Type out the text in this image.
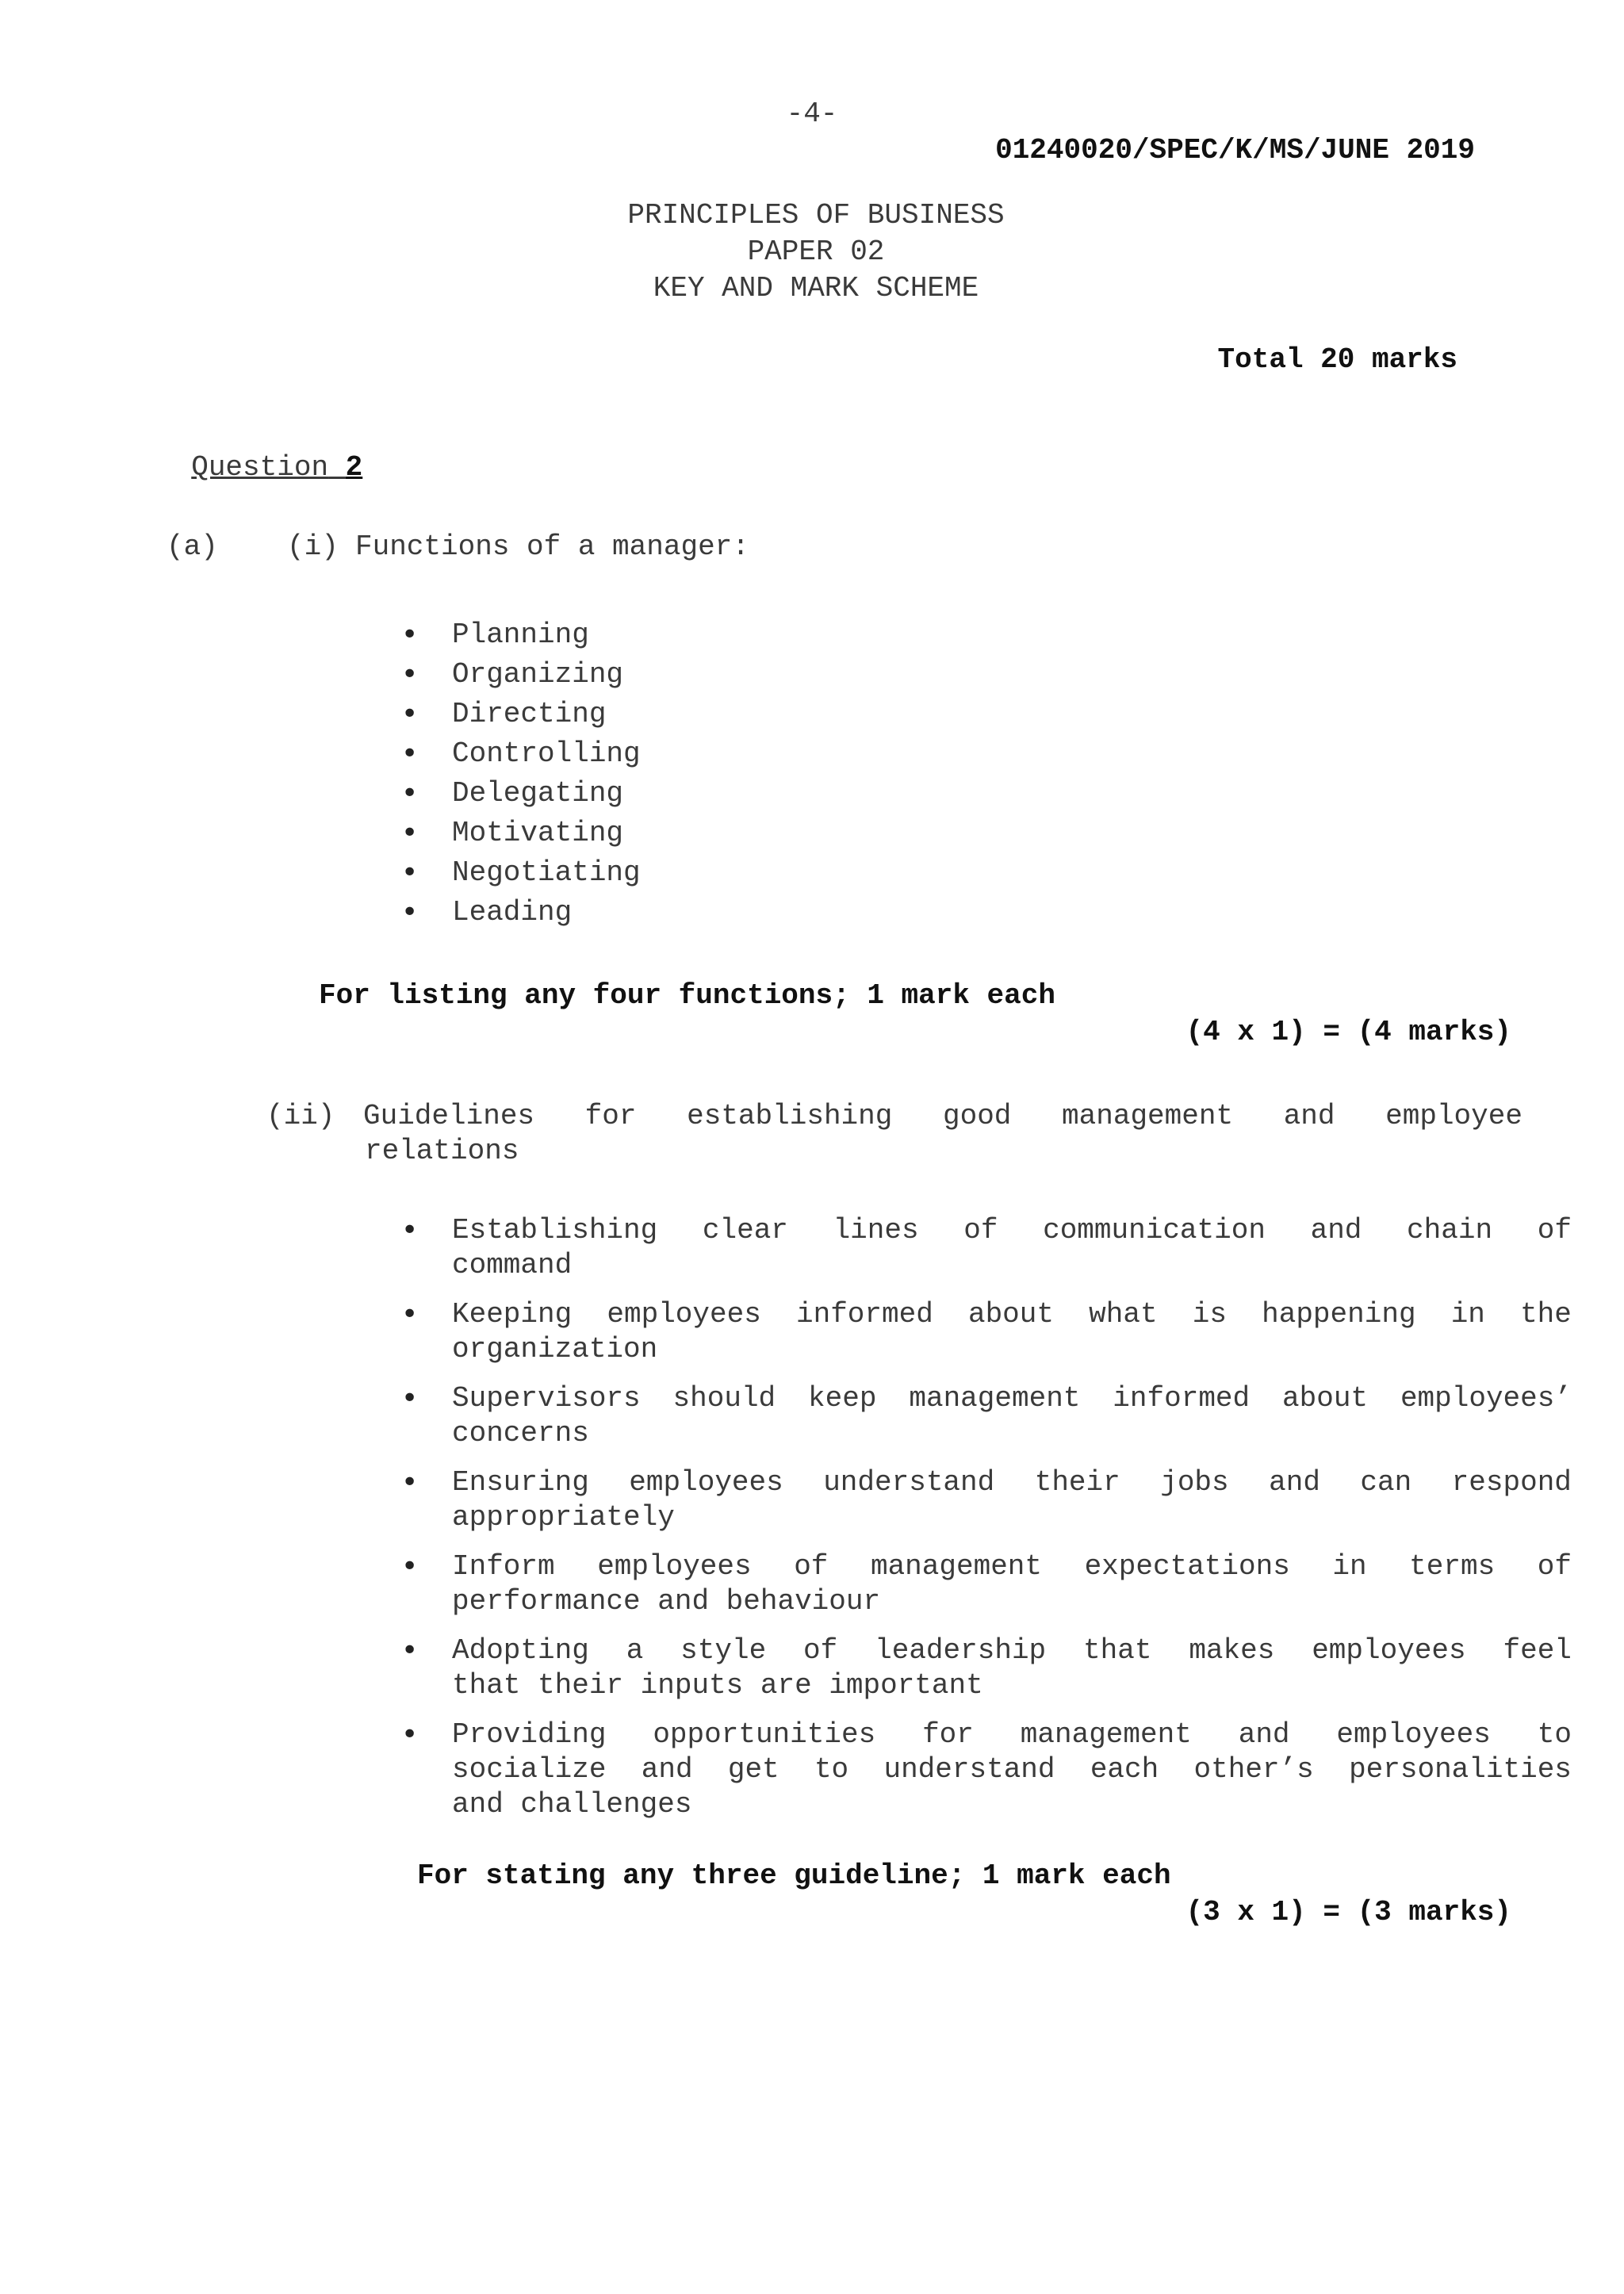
-4-
01240020/SPEC/K/MS/JUNE 2019
PRINCIPLES OF BUSINESS
PAPER 02
KEY AND MARK SCHEME
Total 20 marks

Question 2

(a) (i) Functions of a manager:
• Planning
• Organizing
• Directing
• Controlling
• Delegating
• Motivating
• Negotiating
• Leading
For listing any four functions; 1 mark each
(4 x 1) = (4 marks)
(ii) Guidelines for establishing good management and employee
relations
• Establishing clear lines of communication and chain of
command
• Keeping employees informed about what is happening in the
organization
• Supervisors should keep management informed about employees’
concerns
• Ensuring employees understand their jobs and can respond
appropriately
• Inform employees of management expectations in terms of
performance and behaviour
• Adopting a style of leadership that makes employees feel
that their inputs are important
• Providing opportunities for management and employees to
socialize and get to understand each other’s personalities
and challenges
For stating any three guideline; 1 mark each
(3 x 1) = (3 marks)
